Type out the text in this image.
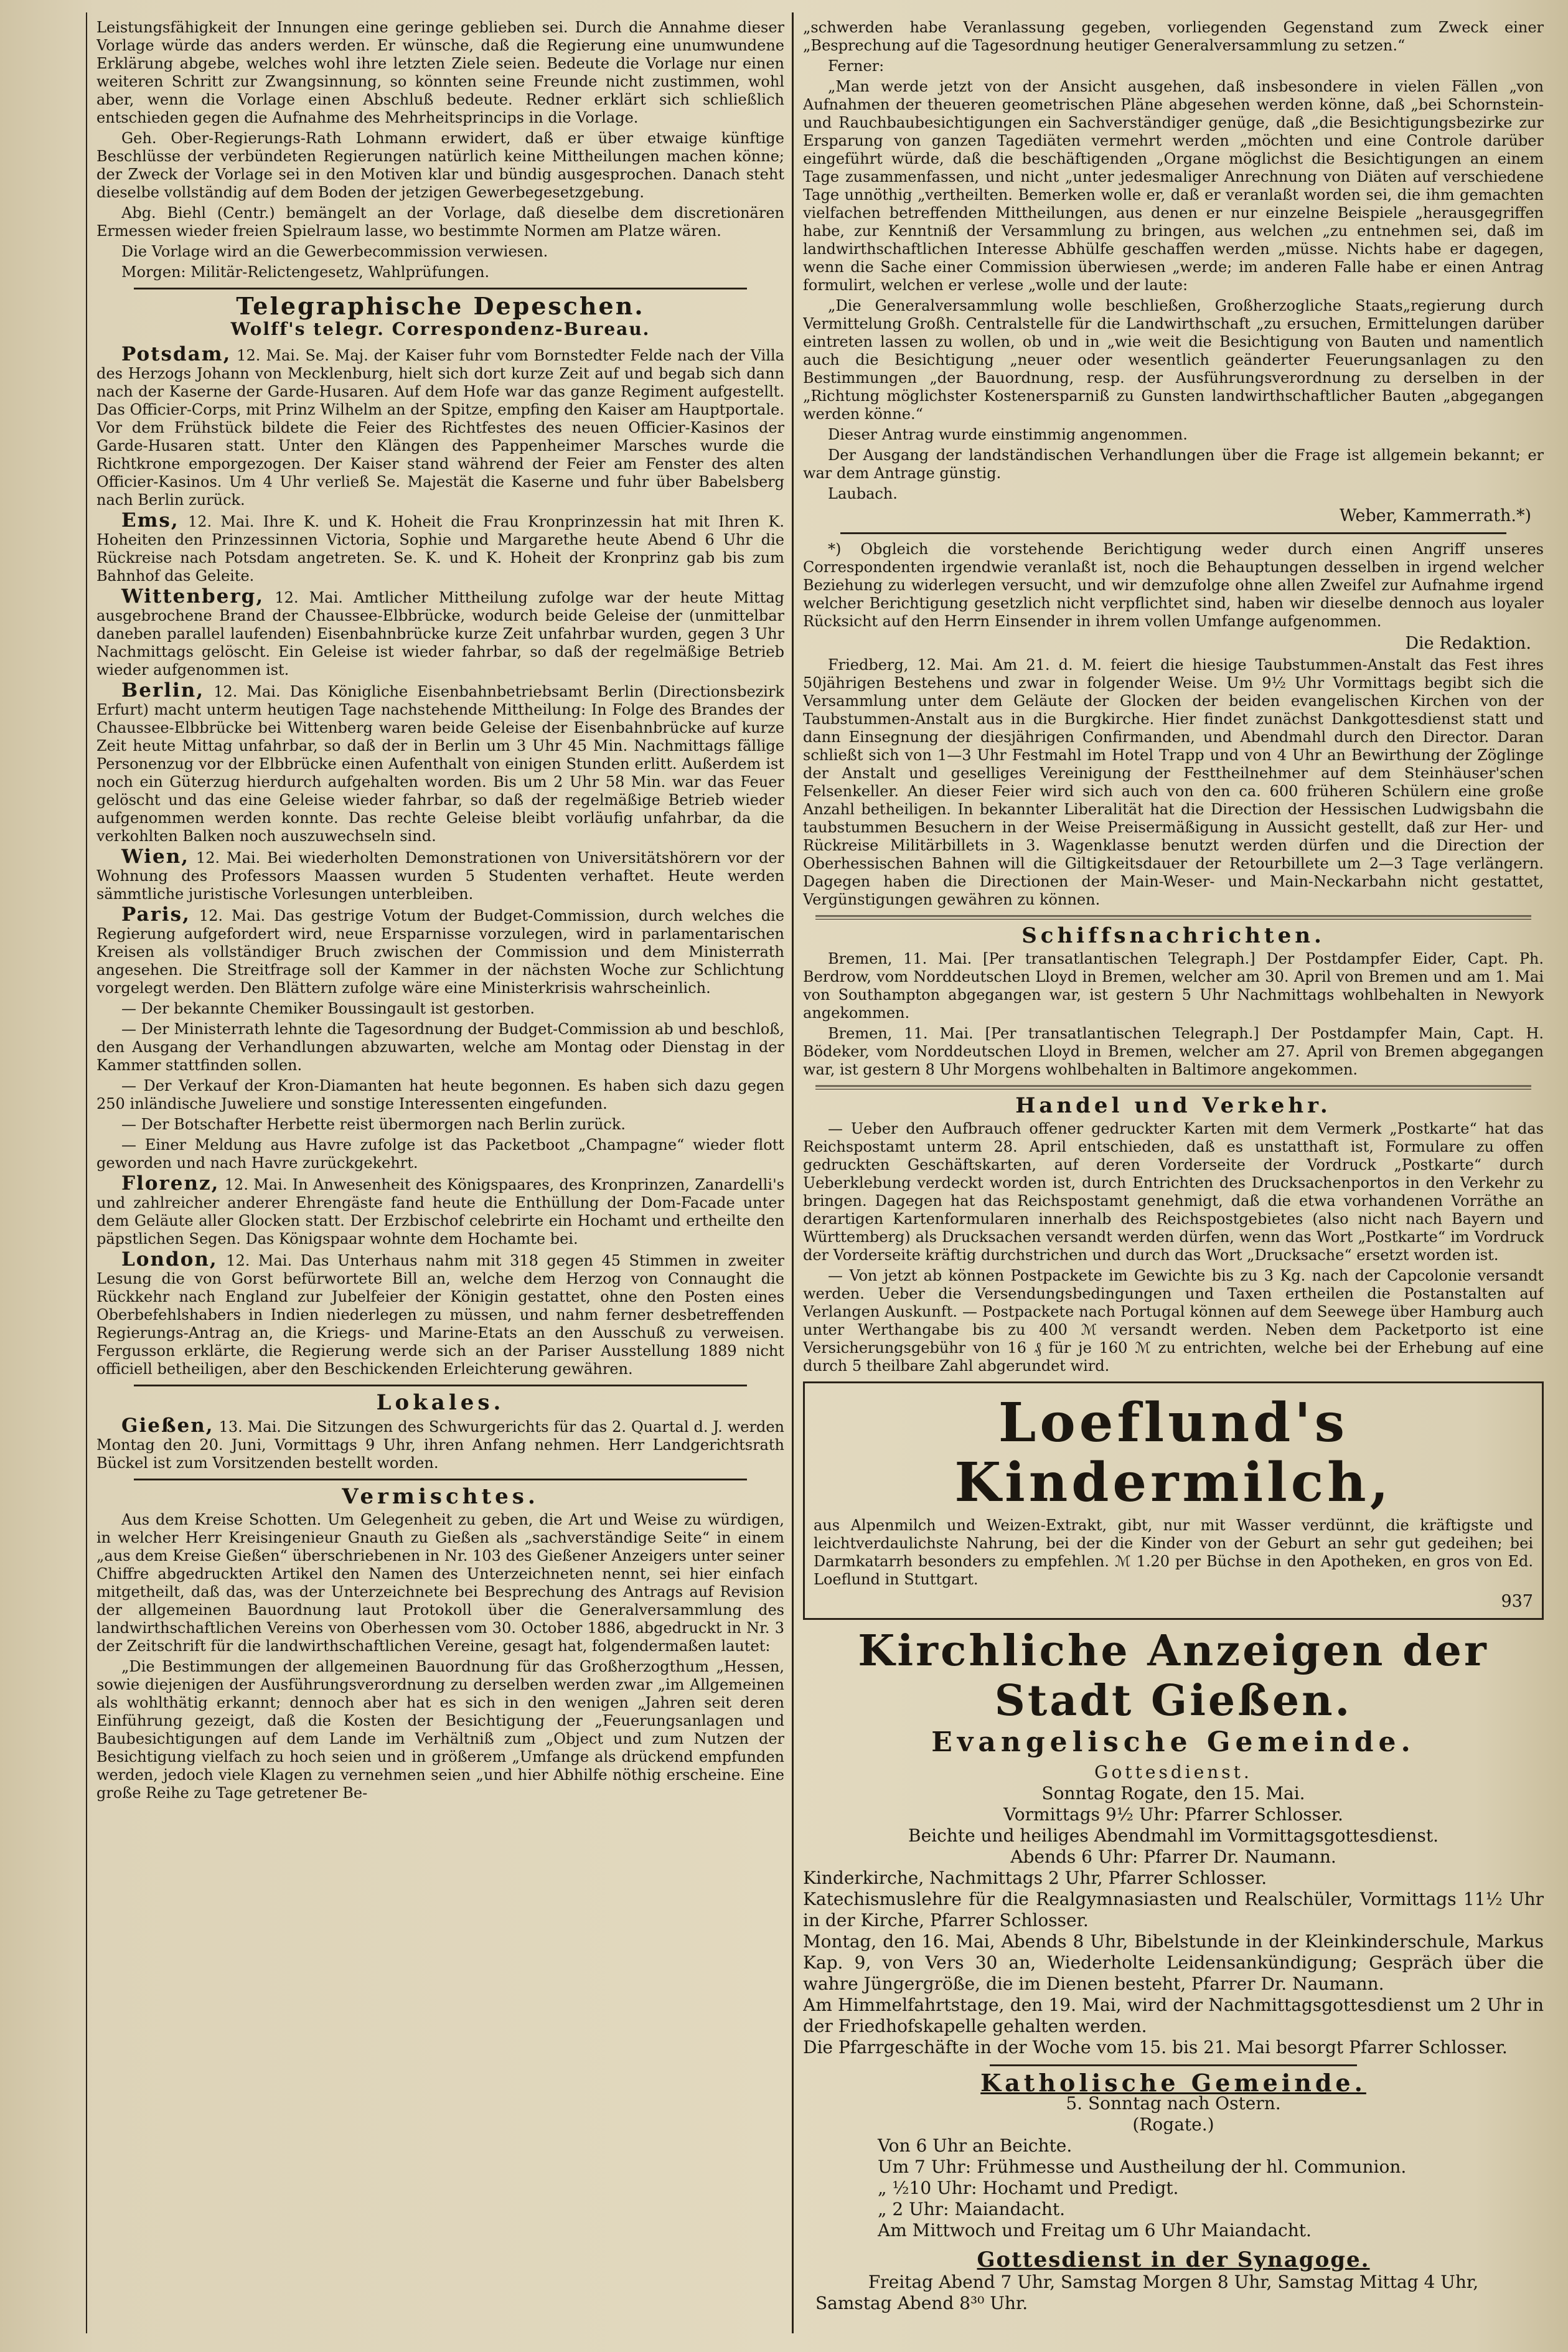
Leistungsfähigkeit der Innungen eine geringe geblieben sei. Durch die Annahme dieser Vorlage würde das anders werden. Er wünsche, daß die Regierung eine unumwundene Erklärung abgebe, welches wohl ihre letzten Ziele seien. Bedeute die Vorlage nur einen weiteren Schritt zur Zwangsinnung, so könnten seine Freunde nicht zustimmen, wohl aber, wenn die Vorlage einen Abschluß bedeute. Redner erklärt sich schließlich entschieden gegen die Aufnahme des Mehrheitsprincips in die Vorlage.

Geh. Ober-Regierungs-Rath Lohmann erwidert, daß er über etwaige künftige Beschlüsse der verbündeten Regierungen natürlich keine Mittheilungen machen könne; der Zweck der Vorlage sei in den Motiven klar und bündig ausgesprochen. Danach steht dieselbe vollständig auf dem Boden der jetzigen Gewerbegesetzgebung.

Abg. Biehl (Centr.) bemängelt an der Vorlage, daß dieselbe dem discretionären Ermessen wieder freien Spielraum lasse, wo bestimmte Normen am Platze wären.

Die Vorlage wird an die Gewerbecommission verwiesen.

Morgen: Militär-Relictengesetz, Wahlprüfungen.

Telegraphische Depeschen.
Wolff's telegr. Correspondenz-Bureau.

Potsdam, 12. Mai. Se. Maj. der Kaiser fuhr vom Bornstedter Felde nach der Villa des Herzogs Johann von Mecklenburg, hielt sich dort kurze Zeit auf und begab sich dann nach der Kaserne der Garde-Husaren. Auf dem Hofe war das ganze Regiment aufgestellt. Das Officier-Corps, mit Prinz Wilhelm an der Spitze, empfing den Kaiser am Hauptportale. Vor dem Frühstück bildete die Feier des Richtfestes des neuen Officier-Kasinos der Garde-Husaren statt. Unter den Klängen des Pappenheimer Marsches wurde die Richtkrone emporgezogen. Der Kaiser stand während der Feier am Fenster des alten Officier-Kasinos. Um 4 Uhr verließ Se. Majestät die Kaserne und fuhr über Babelsberg nach Berlin zurück.

Ems, 12. Mai. Ihre K. und K. Hoheit die Frau Kronprinzessin hat mit Ihren K. Hoheiten den Prinzessinnen Victoria, Sophie und Margarethe heute Abend 6 Uhr die Rückreise nach Potsdam angetreten. Se. K. und K. Hoheit der Kronprinz gab bis zum Bahnhof das Geleite.

Wittenberg, 12. Mai. Amtlicher Mittheilung zufolge war der heute Mittag ausgebrochene Brand der Chaussee-Elbbrücke, wodurch beide Geleise der (unmittelbar daneben parallel laufenden) Eisenbahnbrücke kurze Zeit unfahrbar wurden, gegen 3 Uhr Nachmittags gelöscht. Ein Geleise ist wieder fahrbar, so daß der regelmäßige Betrieb wieder aufgenommen ist.

Berlin, 12. Mai. Das Königliche Eisenbahnbetriebsamt Berlin (Directionsbezirk Erfurt) macht unterm heutigen Tage nachstehende Mittheilung: In Folge des Brandes der Chaussee-Elbbrücke bei Wittenberg waren beide Geleise der Eisenbahnbrücke auf kurze Zeit heute Mittag unfahrbar, so daß der in Berlin um 3 Uhr 45 Min. Nachmittags fällige Personenzug vor der Elbbrücke einen Aufenthalt von einigen Stunden erlitt. Außerdem ist noch ein Güterzug hierdurch aufgehalten worden. Bis um 2 Uhr 58 Min. war das Feuer gelöscht und das eine Geleise wieder fahrbar, so daß der regelmäßige Betrieb wieder aufgenommen werden konnte. Das rechte Geleise bleibt vorläufig unfahrbar, da die verkohlten Balken noch auszuwechseln sind.

Wien, 12. Mai. Bei wiederholten Demonstrationen von Universitätshörern vor der Wohnung des Professors Maassen wurden 5 Studenten verhaftet. Heute werden sämmtliche juristische Vorlesungen unterbleiben.

Paris, 12. Mai. Das gestrige Votum der Budget-Commission, durch welches die Regierung aufgefordert wird, neue Ersparnisse vorzulegen, wird in parlamentarischen Kreisen als vollständiger Bruch zwischen der Commission und dem Ministerrath angesehen. Die Streitfrage soll der Kammer in der nächsten Woche zur Schlichtung vorgelegt werden. Den Blättern zufolge wäre eine Ministerkrisis wahrscheinlich.

— Der bekannte Chemiker Boussingault ist gestorben.

— Der Ministerrath lehnte die Tagesordnung der Budget-Commission ab und beschloß, den Ausgang der Verhandlungen abzuwarten, welche am Montag oder Dienstag in der Kammer stattfinden sollen.

— Der Verkauf der Kron-Diamanten hat heute begonnen. Es haben sich dazu gegen 250 inländische Juweliere und sonstige Interessenten eingefunden.

— Der Botschafter Herbette reist übermorgen nach Berlin zurück.

— Einer Meldung aus Havre zufolge ist das Packetboot „Champagne“ wieder flott geworden und nach Havre zurückgekehrt.

Florenz, 12. Mai. In Anwesenheit des Königspaares, des Kronprinzen, Zanardelli's und zahlreicher anderer Ehrengäste fand heute die Enthüllung der Dom-Facade unter dem Geläute aller Glocken statt. Der Erzbischof celebrirte ein Hochamt und ertheilte den päpstlichen Segen. Das Königspaar wohnte dem Hochamte bei.

London, 12. Mai. Das Unterhaus nahm mit 318 gegen 45 Stimmen in zweiter Lesung die von Gorst befürwortete Bill an, welche dem Herzog von Connaught die Rückkehr nach England zur Jubelfeier der Königin gestattet, ohne den Posten eines Oberbefehlshabers in Indien niederlegen zu müssen, und nahm ferner desbetreffenden Regierungs-Antrag an, die Kriegs- und Marine-Etats an den Ausschuß zu verweisen. Fergusson erklärte, die Regierung werde sich an der Pariser Ausstellung 1889 nicht officiell betheiligen, aber den Beschickenden Erleichterung gewähren.

Lokales.

Gießen, 13. Mai. Die Sitzungen des Schwurgerichts für das 2. Quartal d. J. werden Montag den 20. Juni, Vormittags 9 Uhr, ihren Anfang nehmen. Herr Landgerichtsrath Bückel ist zum Vorsitzenden bestellt worden.

Vermischtes.

Aus dem Kreise Schotten. Um Gelegenheit zu geben, die Art und Weise zu würdigen, in welcher Herr Kreisingenieur Gnauth zu Gießen als „sachverständige Seite“ in einem „aus dem Kreise Gießen“ überschriebenen in Nr. 103 des Gießener Anzeigers unter seiner Chiffre abgedruckten Artikel den Namen des Unterzeichneten nennt, sei hier einfach mitgetheilt, daß das, was der Unterzeichnete bei Besprechung des Antrags auf Revision der allgemeinen Bauordnung laut Protokoll über die Generalversammlung des landwirthschaftlichen Vereins von Oberhessen vom 30. October 1886, abgedruckt in Nr. 3 der Zeitschrift für die landwirthschaftlichen Vereine, gesagt hat, folgendermaßen lautet:

„Die Bestimmungen der allgemeinen Bauordnung für das Großherzogthum „Hessen, sowie diejenigen der Ausführungsverordnung zu derselben werden zwar „im Allgemeinen als wohlthätig erkannt; dennoch aber hat es sich in den wenigen „Jahren seit deren Einführung gezeigt, daß die Kosten der Besichtigung der „Feuerungsanlagen und Baubesichtigungen auf dem Lande im Verhältniß zum „Object und zum Nutzen der Besichtigung vielfach zu hoch seien und in größerem „Umfange als drückend empfunden werden, jedoch viele Klagen zu vernehmen seien „und hier Abhilfe nöthig erscheine. Eine große Reihe zu Tage getretener Be-

„schwerden habe Veranlassung gegeben, vorliegenden Gegenstand zum Zweck einer „Besprechung auf die Tagesordnung heutiger Generalversammlung zu setzen.“

Ferner:

„Man werde jetzt von der Ansicht ausgehen, daß insbesondere in vielen Fällen „von Aufnahmen der theueren geometrischen Pläne abgesehen werden könne, daß „bei Schornstein- und Rauchbaubesichtigungen ein Sachverständiger genüge, daß „die Besichtigungsbezirke zur Ersparung von ganzen Tagediäten vermehrt werden „möchten und eine Controle darüber eingeführt würde, daß die beschäftigenden „Organe möglichst die Besichtigungen an einem Tage zusammenfassen, und nicht „unter jedesmaliger Anrechnung von Diäten auf verschiedene Tage unnöthig „vertheilten. Bemerken wolle er, daß er veranlaßt worden sei, die ihm gemachten vielfachen betreffenden Mittheilungen, aus denen er nur einzelne Beispiele „herausgegriffen habe, zur Kenntniß der Versammlung zu bringen, aus welchen „zu entnehmen sei, daß im landwirthschaftlichen Interesse Abhülfe geschaffen werden „müsse. Nichts habe er dagegen, wenn die Sache einer Commission überwiesen „werde; im anderen Falle habe er einen Antrag formulirt, welchen er verlese „wolle und der laute:

„Die Generalversammlung wolle beschließen, Großherzogliche Staats„regierung durch Vermittelung Großh. Centralstelle für die Landwirthschaft „zu ersuchen, Ermittelungen darüber eintreten lassen zu wollen, ob und in „wie weit die Besichtigung von Bauten und namentlich auch die Besichtigung „neuer oder wesentlich geänderter Feuerungsanlagen zu den Bestimmungen „der Bauordnung, resp. der Ausführungsverordnung zu derselben in der „Richtung möglichster Kostenersparniß zu Gunsten landwirthschaftlicher Bauten „abgegangen werden könne.“

Dieser Antrag wurde einstimmig angenommen.

Der Ausgang der landständischen Verhandlungen über die Frage ist allgemein bekannt; er war dem Antrage günstig.

Laubach.

Weber, Kammerrath.*)

*) Obgleich die vorstehende Berichtigung weder durch einen Angriff unseres Correspondenten irgendwie veranlaßt ist, noch die Behauptungen desselben in irgend welcher Beziehung zu widerlegen versucht, und wir demzufolge ohne allen Zweifel zur Aufnahme irgend welcher Berichtigung gesetzlich nicht verpflichtet sind, haben wir dieselbe dennoch aus loyaler Rücksicht auf den Herrn Einsender in ihrem vollen Umfange aufgenommen.

Die Redaktion.

Friedberg, 12. Mai. Am 21. d. M. feiert die hiesige Taubstummen-Anstalt das Fest ihres 50jährigen Bestehens und zwar in folgender Weise. Um 9½ Uhr Vormittags begibt sich die Versammlung unter dem Geläute der Glocken der beiden evangelischen Kirchen von der Taubstummen-Anstalt aus in die Burgkirche. Hier findet zunächst Dankgottesdienst statt und dann Einsegnung der diesjährigen Confirmanden, und Abendmahl durch den Director. Daran schließt sich von 1—3 Uhr Festmahl im Hotel Trapp und von 4 Uhr an Bewirthung der Zöglinge der Anstalt und geselliges Vereinigung der Festtheilnehmer auf dem Steinhäuser'schen Felsenkeller. An dieser Feier wird sich auch von den ca. 600 früheren Schülern eine große Anzahl betheiligen. In bekannter Liberalität hat die Direction der Hessischen Ludwigsbahn die taubstummen Besuchern in der Weise Preisermäßigung in Aussicht gestellt, daß zur Her- und Rückreise Militärbillets in 3. Wagenklasse benutzt werden dürfen und die Direction der Oberhessischen Bahnen will die Giltigkeitsdauer der Retourbillete um 2—3 Tage verlängern. Dagegen haben die Directionen der Main-Weser- und Main-Neckarbahn nicht gestattet, Vergünstigungen gewähren zu können.

Schiffsnachrichten.

Bremen, 11. Mai. [Per transatlantischen Telegraph.] Der Postdampfer Eider, Capt. Ph. Berdrow, vom Norddeutschen Lloyd in Bremen, welcher am 30. April von Bremen und am 1. Mai von Southampton abgegangen war, ist gestern 5 Uhr Nachmittags wohlbehalten in Newyork angekommen.

Bremen, 11. Mai. [Per transatlantischen Telegraph.] Der Postdampfer Main, Capt. H. Bödeker, vom Norddeutschen Lloyd in Bremen, welcher am 27. April von Bremen abgegangen war, ist gestern 8 Uhr Morgens wohlbehalten in Baltimore angekommen.

Handel und Verkehr.

— Ueber den Aufbrauch offener gedruckter Karten mit dem Vermerk „Postkarte“ hat das Reichspostamt unterm 28. April entschieden, daß es unstatthaft ist, Formulare zu offen gedruckten Geschäftskarten, auf deren Vorderseite der Vordruck „Postkarte“ durch Ueberklebung verdeckt worden ist, durch Entrichten des Drucksachenportos in den Verkehr zu bringen. Dagegen hat das Reichspostamt genehmigt, daß die etwa vorhandenen Vorräthe an derartigen Kartenformularen innerhalb des Reichspostgebietes (also nicht nach Bayern und Württemberg) als Drucksachen versandt werden dürfen, wenn das Wort „Postkarte“ im Vordruck der Vorderseite kräftig durchstrichen und durch das Wort „Drucksache“ ersetzt worden ist.

— Von jetzt ab können Postpackete im Gewichte bis zu 3 Kg. nach der Capcolonie versandt werden. Ueber die Versendungsbedingungen und Taxen ertheilen die Postanstalten auf Verlangen Auskunft. — Postpackete nach Portugal können auf dem Seewege über Hamburg auch unter Werthangabe bis zu 400 ℳ versandt werden. Neben dem Packetporto ist eine Versicherungsgebühr von 16 ₰ für je 160 ℳ zu entrichten, welche bei der Erhebung auf eine durch 5 theilbare Zahl abgerundet wird.

Loeflund's Kindermilch,

aus Alpenmilch und Weizen-Extrakt, gibt, nur mit Wasser verdünnt, die kräftigste und leichtverdaulichste Nahrung, bei der die Kinder von der Geburt an sehr gut gedeihen; bei Darmkatarrh besonders zu empfehlen. ℳ 1.20 per Büchse in den Apotheken, en gros von Ed. Loeflund in Stuttgart.

937
Kirchliche Anzeigen der Stadt Gießen.
Evangelische Gemeinde.
Gottesdienst.
Sonntag Rogate, den 15. Mai.
Vormittags 9½ Uhr: Pfarrer Schlosser.
Beichte und heiliges Abendmahl im Vormittagsgottesdienst.
Abends 6 Uhr: Pfarrer Dr. Naumann.
Kinderkirche, Nachmittags 2 Uhr, Pfarrer Schlosser.
Katechismuslehre für die Realgymnasiasten und Realschüler, Vormittags 11½ Uhr in der Kirche, Pfarrer Schlosser.
Montag, den 16. Mai, Abends 8 Uhr, Bibelstunde in der Kleinkinderschule, Markus Kap. 9, von Vers 30 an, Wiederholte Leidensankündigung; Gespräch über die wahre Jüngergröße, die im Dienen besteht, Pfarrer Dr. Naumann.
Am Himmelfahrtstage, den 19. Mai, wird der Nachmittagsgottesdienst um 2 Uhr in der Friedhofskapelle gehalten werden.
Die Pfarrgeschäfte in der Woche vom 15. bis 21. Mai besorgt Pfarrer Schlosser.
Katholische Gemeinde.
5. Sonntag nach Ostern.
(Rogate.)
Von 6 Uhr an Beichte.
Um 7 Uhr: Frühmesse und Austheilung der hl. Communion.
„ ½10 Uhr: Hochamt und Predigt.
„ 2 Uhr: Maiandacht.
Am Mittwoch und Freitag um 6 Uhr Maiandacht.
Gottesdienst in der Synagoge.
Freitag Abend 7 Uhr, Samstag Morgen 8 Uhr, Samstag Mittag 4 Uhr,
Samstag Abend 8³⁰ Uhr.
